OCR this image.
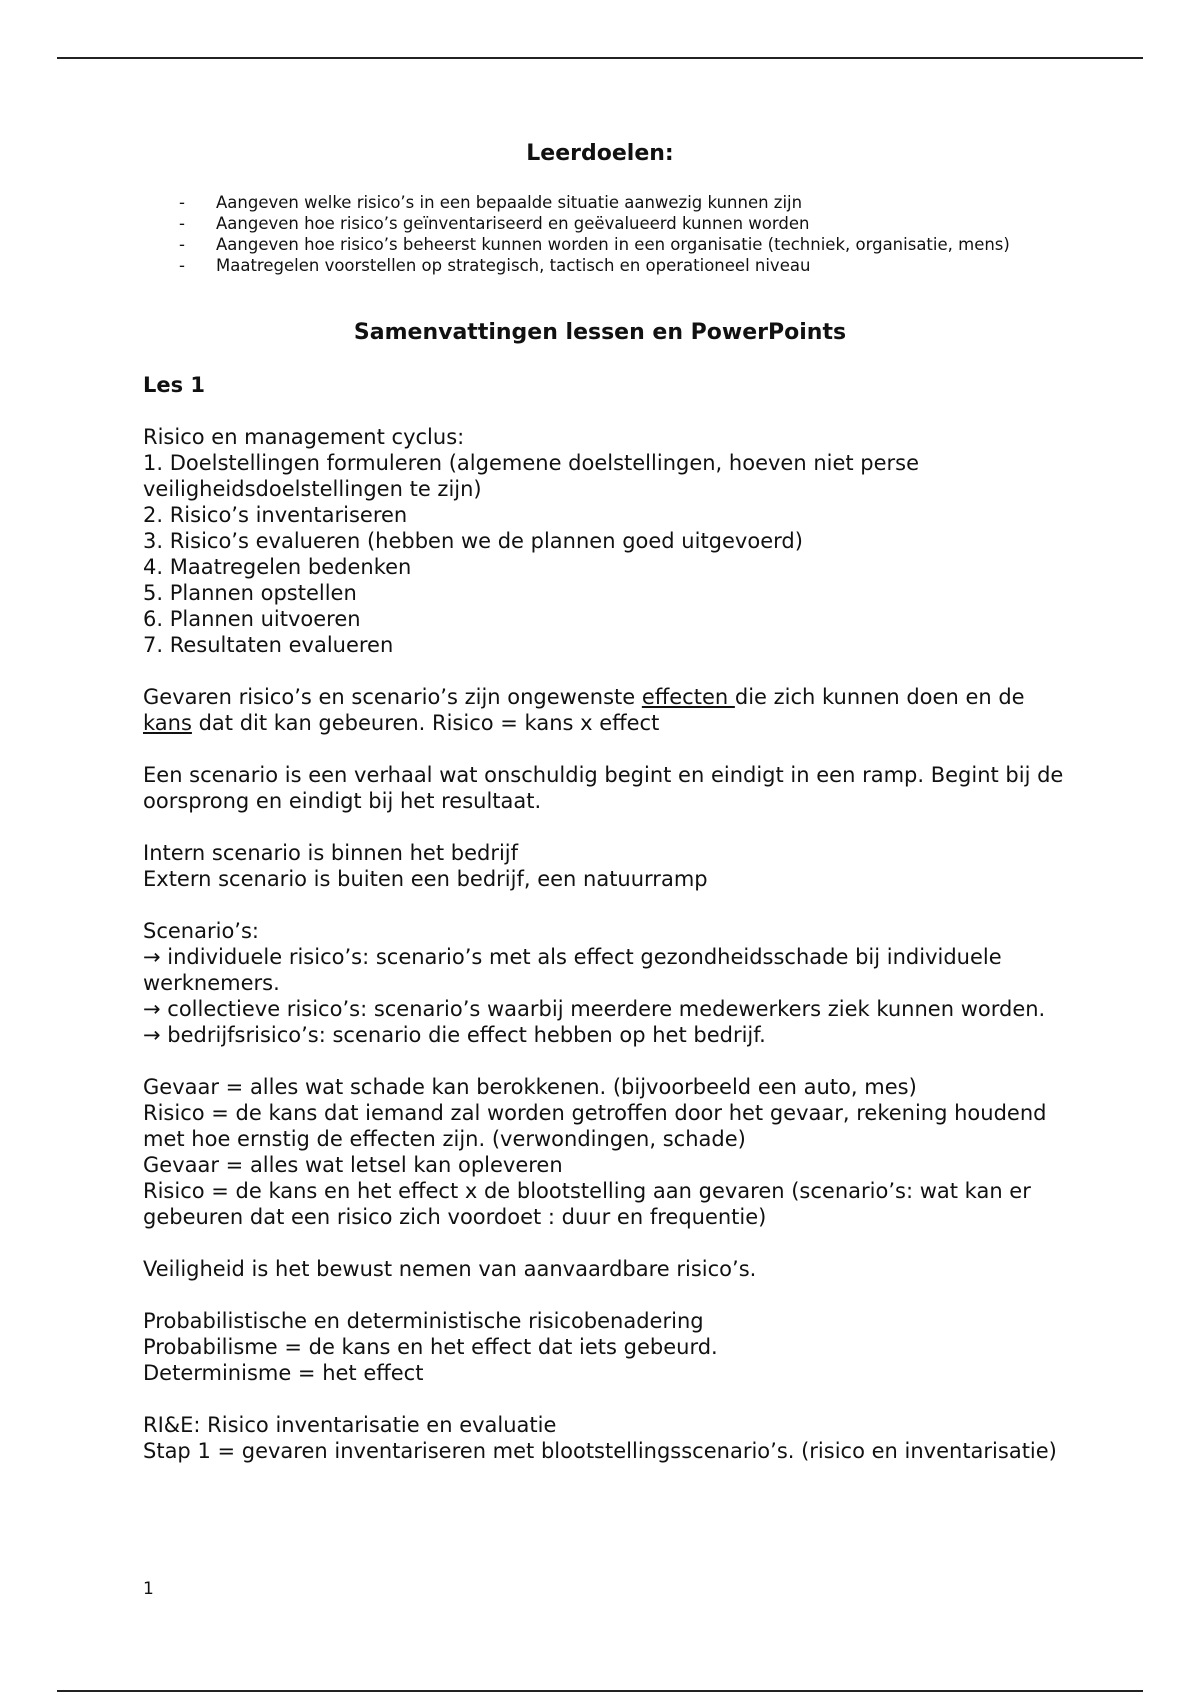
Leerdoelen:
-	Aangeven welke risico’s in een bepaalde situatie aanwezig kunnen zijn
-	Aangeven hoe risico’s geïnventariseerd en geëvalueerd kunnen worden
-	Aangeven hoe risico’s beheerst kunnen worden in een organisatie (techniek, organisatie, mens)
-	Maatregelen voorstellen op strategisch, tactisch en operationeel niveau
Samenvattingen lessen en PowerPoints
Les 1

Risico en management cyclus:

1. Doelstellingen formuleren (algemene doelstellingen, hoeven niet perse veiligheidsdoelstellingen te zijn)

2. Risico’s inventariseren

3. Risico’s evalueren (hebben we de plannen goed uitgevoerd)

4. Maatregelen bedenken

5. Plannen opstellen

6. Plannen uitvoeren

7. Resultaten evalueren

Gevaren risico’s en scenario’s zijn ongewenste effecten die zich kunnen doen en de kans dat dit kan gebeuren. Risico = kans x effect

Een scenario is een verhaal wat onschuldig begint en eindigt in een ramp. Begint bij de oorsprong en eindigt bij het resultaat.

Intern scenario is binnen het bedrijf

Extern scenario is buiten een bedrijf, een natuurramp

Scenario’s:

→ individuele risico’s: scenario’s met als effect gezondheidsschade bij individuele werknemers.

→ collectieve risico’s: scenario’s waarbij meerdere medewerkers ziek kunnen worden.

→ bedrijfsrisico’s: scenario die effect hebben op het bedrijf.

Gevaar = alles wat schade kan berokkenen. (bijvoorbeeld een auto, mes)

Risico = de kans dat iemand zal worden getroffen door het gevaar, rekening houdend met hoe ernstig de effecten zijn. (verwondingen, schade)

Gevaar = alles wat letsel kan opleveren

Risico = de kans en het effect x de blootstelling aan gevaren (scenario’s: wat kan er gebeuren dat een risico zich voordoet : duur en frequentie)

Veiligheid is het bewust nemen van aanvaardbare risico’s.

Probabilistische en deterministische risicobenadering

Probabilisme = de kans en het effect dat iets gebeurd.

Determinisme = het effect

RI&E: Risico inventarisatie en evaluatie

Stap 1 = gevaren inventariseren met blootstellingsscenario’s. (risico en inventarisatie)

1
